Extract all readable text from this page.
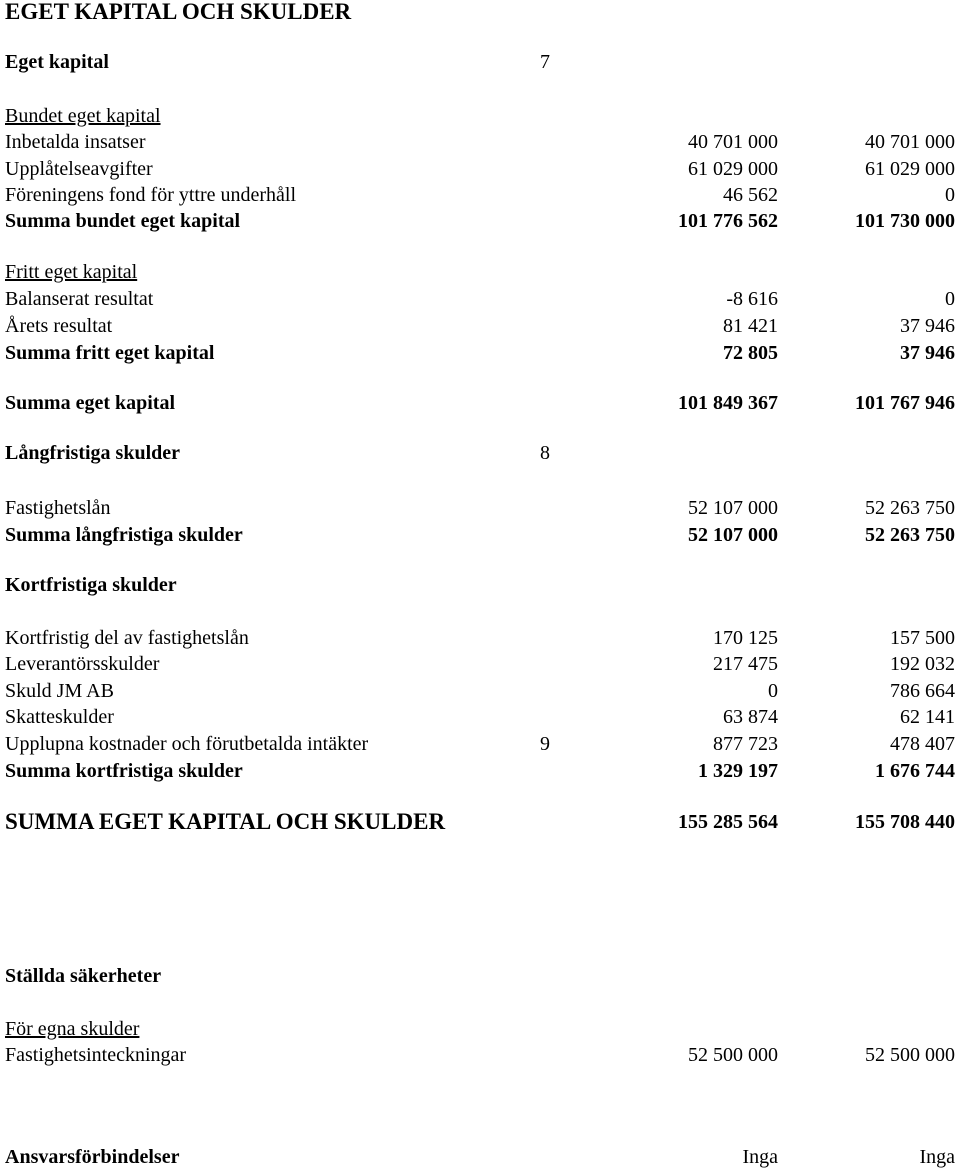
EGET KAPITAL OCH SKULDER
Eget kapital	7
Bundet eget kapital
Inbetalda insatser	40 701 000	40 701 000
Upplåtelseavgifter	61 029 000	61 029 000
Föreningens fond för yttre underhåll	46 562	0
Summa bundet eget kapital	101 776 562	101 730 000
Fritt eget kapital
Balanserat resultat	-8 616	0
Årets resultat	81 421	37 946
Summa fritt eget kapital	72 805	37 946
Summa eget kapital	101 849 367	101 767 946
Långfristiga skulder	8
Fastighetslån	52 107 000	52 263 750
Summa långfristiga skulder	52 107 000	52 263 750
Kortfristiga skulder
Kortfristig del av fastighetslån	170 125	157 500
Leverantörsskulder	217 475	192 032
Skuld JM AB	0	786 664
Skatteskulder	63 874	62 141
Upplupna kostnader och förutbetalda intäkter	9	877 723	478 407
Summa kortfristiga skulder	1 329 197	1 676 744
SUMMA EGET KAPITAL OCH SKULDER	155 285 564	155 708 440
Ställda säkerheter
För egna skulder
Fastighetsinteckningar	52 500 000	52 500 000
Ansvarsförbindelser	Inga	Inga
